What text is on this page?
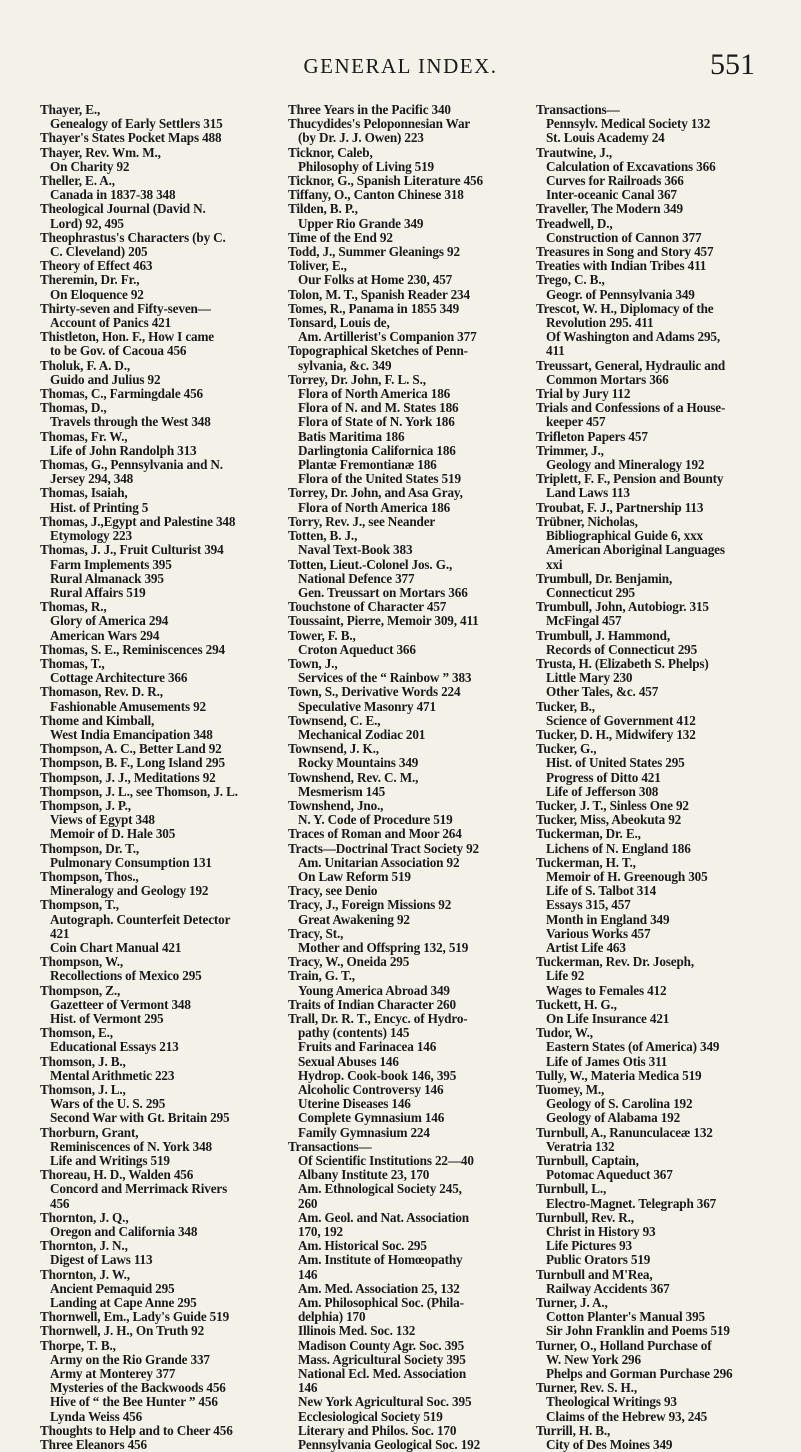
GENERAL INDEX.	551
Thayer, E.,
Genealogy of Early Settlers 315
Thayer's States Pocket Maps 488
Thayer, Rev. Wm. M.,
On Charity 92
Theller, E. A.,
Canada in 1837-38 348
Theological Journal (David N.
Lord) 92, 495
Theophrastus's Characters (by C.
C. Cleveland) 205
Theory of Effect 463
Theremin, Dr. Fr.,
On Eloquence 92
Thirty-seven and Fifty-seven—
Account of Panics 421
Thistleton, Hon. F., How I came
to be Gov. of Cacoua 456
Tholuk, F. A. D.,
Guido and Julius 92
Thomas, C., Farmingdale 456
Thomas, D.,
Travels through the West 348
Thomas, Fr. W.,
Life of John Randolph 313
Thomas, G., Pennsylvania and N.
Jersey 294, 348
Thomas, Isaiah,
Hist. of Printing 5
Thomas, J.,Egypt and Palestine 348
Etymology 223
Thomas, J. J., Fruit Culturist 394
Farm Implements 395
Rural Almanack 395
Rural Affairs 519
Thomas, R.,
Glory of America 294
American Wars 294
Thomas, S. E., Reminiscences 294
Thomas, T.,
Cottage Architecture 366
Thomason, Rev. D. R.,
Fashionable Amusements 92
Thome and Kimball,
West India Emancipation 348
Thompson, A. C., Better Land 92
Thompson, B. F., Long Island 295
Thompson, J. J., Meditations 92
Thompson, J. L., see Thomson, J. L.
Thompson, J. P.,
Views of Egypt 348
Memoir of D. Hale 305
Thompson, Dr. T.,
Pulmonary Consumption 131
Thompson, Thos.,
Mineralogy and Geology 192
Thompson, T.,
Autograph. Counterfeit Detector
421
Coin Chart Manual 421
Thompson, W.,
Recollections of Mexico 295
Thompson, Z.,
Gazetteer of Vermont 348
Hist. of Vermont 295
Thomson, E.,
Educational Essays 213
Thomson, J. B.,
Mental Arithmetic 223
Thomson, J. L.,
Wars of the U. S. 295
Second War with Gt. Britain 295
Thorburn, Grant,
Reminiscences of N. York 348
Life and Writings 519
Thoreau, H. D., Walden 456
Concord and Merrimack Rivers
456
Thornton, J. Q.,
Oregon and California 348
Thornton, J. N.,
Digest of Laws 113
Thornton, J. W.,
Ancient Pemaquid 295
Landing at Cape Anne 295
Thornwell, Em., Lady's Guide 519
Thornwell, J. H., On Truth 92
Thorpe, T. B.,
Army on the Rio Grande 337
Army at Monterey 377
Mysteries of the Backwoods 456
Hive of “ the Bee Hunter ” 456
Lynda Weiss 456
Thoughts to Help and to Cheer 456
Three Eleanors 456
Three Years in the Pacific 340
Thucydides's Peloponnesian War
(by Dr. J. J. Owen) 223
Ticknor, Caleb,
Philosophy of Living 519
Ticknor, G., Spanish Literature 456
Tiffany, O., Canton Chinese 318
Tilden, B. P.,
Upper Rio Grande 349
Time of the End 92
Todd, J., Summer Gleanings 92
Toliver, E.,
Our Folks at Home 230, 457
Tolon, M. T., Spanish Reader 234
Tomes, R., Panama in 1855 349
Tonsard, Louis de,
Am. Artillerist's Companion 377
Topographical Sketches of Penn-
sylvania, &c. 349
Torrey, Dr. John, F. L. S.,
Flora of North America 186
Flora of N. and M. States 186
Flora of State of N. York 186
Batis Maritima 186
Darlingtonia Californica 186
Plantæ Fremontianæ 186
Flora of the United States 519
Torrey, Dr. John, and Asa Gray,
Flora of North America 186
Torry, Rev. J., see Neander
Totten, B. J.,
Naval Text-Book 383
Totten, Lieut.-Colonel Jos. G.,
National Defence 377
Gen. Treussart on Mortars 366
Touchstone of Character 457
Toussaint, Pierre, Memoir 309, 411
Tower, F. B.,
Croton Aqueduct 366
Town, J.,
Services of the “ Rainbow ” 383
Town, S., Derivative Words 224
Speculative Masonry 471
Townsend, C. E.,
Mechanical Zodiac 201
Townsend, J. K.,
Rocky Mountains 349
Townshend, Rev. C. M.,
Mesmerism 145
Townshend, Jno.,
N. Y. Code of Procedure 519
Traces of Roman and Moor 264
Tracts—Doctrinal Tract Society 92
Am. Unitarian Association 92
On Law Reform 519
Tracy, see Denio
Tracy, J., Foreign Missions 92
Great Awakening 92
Tracy, St.,
Mother and Offspring 132, 519
Tracy, W., Oneida 295
Train, G. T.,
Young America Abroad 349
Traits of Indian Character 260
Trall, Dr. R. T., Encyc. of Hydro-
pathy (contents) 145
Fruits and Farinacea 146
Sexual Abuses 146
Hydrop. Cook-book 146, 395
Alcoholic Controversy 146
Uterine Diseases 146
Complete Gymnasium 146
Family Gymnasium 224
Transactions—
Of Scientific Institutions 22—40
Albany Institute 23, 170
Am. Ethnological Society 245,
260
Am. Geol. and Nat. Association
170, 192
Am. Historical Soc. 295
Am. Institute of Homœopathy
146
Am. Med. Association 25, 132
Am. Philosophical Soc. (Phila-
delphia) 170
Illinois Med. Soc. 132
Madison County Agr. Soc. 395
Mass. Agricultural Society 395
National Ecl. Med. Association
146
New York Agricultural Soc. 395
Ecclesiological Society 519
Literary and Philos. Soc. 170
Pennsylvania Geological Soc. 192
Transactions—
Pennsylv. Medical Society 132
St. Louis Academy 24
Trautwine, J.,
Calculation of Excavations 366
Curves for Railroads 366
Inter-oceanic Canal 367
Traveller, The Modern 349
Treadwell, D.,
Construction of Cannon 377
Treasures in Song and Story 457
Treaties with Indian Tribes 411
Trego, C. B.,
Geogr. of Pennsylvania 349
Trescot, W. H., Diplomacy of the
Revolution 295. 411
Of Washington and Adams 295,
411
Treussart, General, Hydraulic and
Common Mortars 366
Trial by Jury 112
Trials and Confessions of a House-
keeper 457
Trifleton Papers 457
Trimmer, J.,
Geology and Mineralogy 192
Triplett, F. F., Pension and Bounty
Land Laws 113
Troubat, F. J., Partnership 113
Trübner, Nicholas,
Bibliographical Guide 6, xxx
American Aboriginal Languages
xxi
Trumbull, Dr. Benjamin,
Connecticut 295
Trumbull, John, Autobiogr. 315
McFingal 457
Trumbull, J. Hammond,
Records of Connecticut 295
Trusta, H. (Elizabeth S. Phelps)
Little Mary 230
Other Tales, &c. 457
Tucker, B.,
Science of Government 412
Tucker, D. H., Midwifery 132
Tucker, G.,
Hist. of United States 295
Progress of Ditto 421
Life of Jefferson 308
Tucker, J. T., Sinless One 92
Tucker, Miss, Abeokuta 92
Tuckerman, Dr. E.,
Lichens of N. England 186
Tuckerman, H. T.,
Memoir of H. Greenough 305
Life of S. Talbot 314
Essays 315, 457
Month in England 349
Various Works 457
Artist Life 463
Tuckerman, Rev. Dr. Joseph,
Life 92
Wages to Females 412
Tuckett, H. G.,
On Life Insurance 421
Tudor, W.,
Eastern States (of America) 349
Life of James Otis 311
Tully, W., Materia Medica 519
Tuomey, M.,
Geology of S. Carolina 192
Geology of Alabama 192
Turnbull, A., Ranunculaceæ 132
Veratria 132
Turnbull, Captain,
Potomac Aqueduct 367
Turnbull, L.,
Electro-Magnet. Telegraph 367
Turnbull, Rev. R.,
Christ in History 93
Life Pictures 93
Public Orators 519
Turnbull and M'Rea,
Railway Accidents 367
Turner, J. A.,
Cotton Planter's Manual 395
Sir John Franklin and Poems 519
Turner, O., Holland Purchase of
W. New York 296
Phelps and Gorman Purchase 296
Turner, Rev. S. H.,
Theological Writings 93
Claims of the Hebrew 93, 245
Turrill, H. B.,
City of Des Moines 349
